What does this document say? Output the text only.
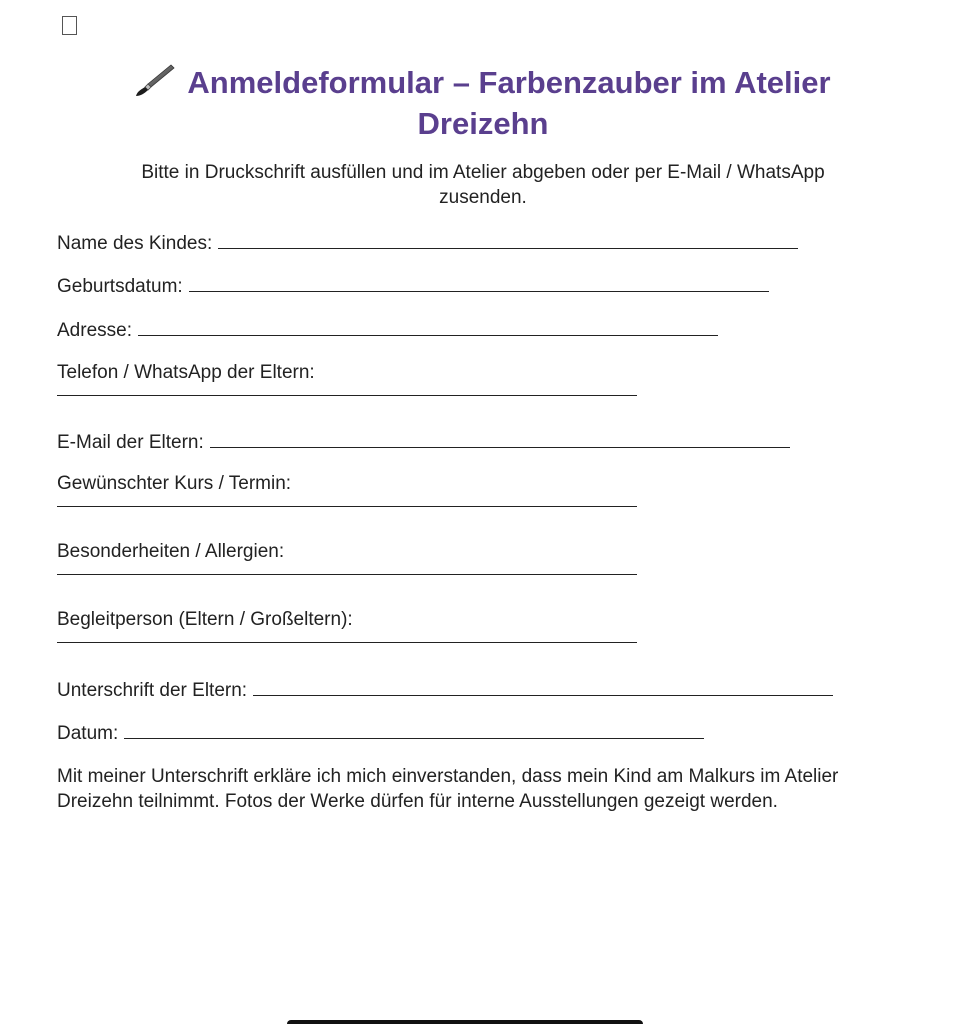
Anmeldeformular – Farbenzauber im Atelier
Dreizehn
Bitte in Druckschrift ausfüllen und im Atelier abgeben oder per E-Mail / WhatsApp
zusenden.
Name des Kindes:
Geburtsdatum:
Adresse:
Telefon / WhatsApp der Eltern:
E-Mail der Eltern:
Gewünschter Kurs / Termin:
Besonderheiten / Allergien:
Begleitperson (Eltern / Großeltern):
Unterschrift der Eltern:
Datum:
Mit meiner Unterschrift erkläre ich mich einverstanden, dass mein Kind am Malkurs im Atelier Dreizehn teilnimmt. Fotos der Werke dürfen für interne Ausstellungen gezeigt werden.
